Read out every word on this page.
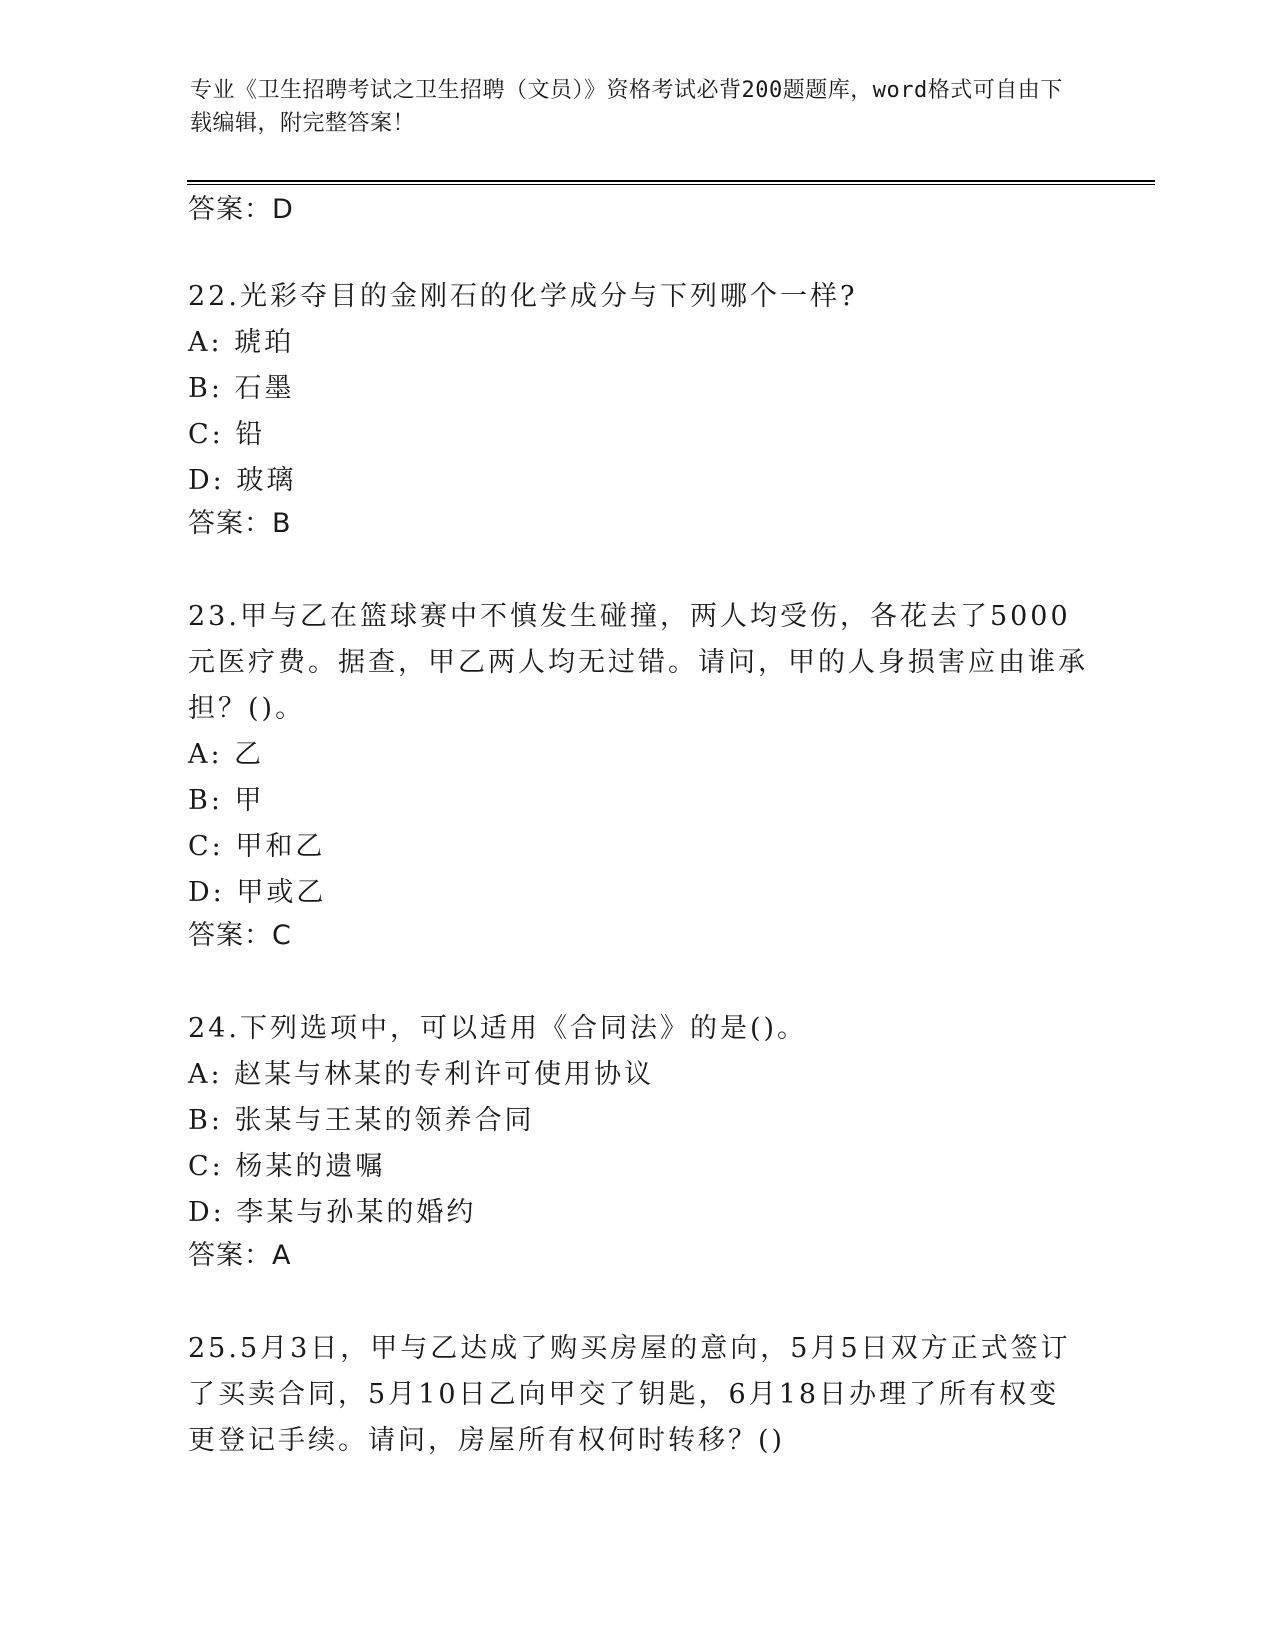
专业《卫生招聘考试之卫生招聘（文员）》资格考试必背200题题库，word格式可自由下载编辑，附完整答案！
答案：D
22.光彩夺目的金刚石的化学成分与下列哪个一样?
A: 琥珀
B: 石墨
C: 铅
D: 玻璃
答案：B
23.甲与乙在篮球赛中不慎发生碰撞，两人均受伤，各花去了5000元医疗费。据查，甲乙两人均无过错。请问，甲的人身损害应由谁承担？()。
A: 乙
B: 甲
C: 甲和乙
D: 甲或乙
答案：C
24.下列选项中，可以适用《合同法》的是()。
A: 赵某与林某的专利许可使用协议
B: 张某与王某的领养合同
C: 杨某的遗嘱
D: 李某与孙某的婚约
答案：A
25.5月3日，甲与乙达成了购买房屋的意向，5月5日双方正式签订了买卖合同，5月10日乙向甲交了钥匙，6月18日办理了所有权变更登记手续。请问，房屋所有权何时转移？()
